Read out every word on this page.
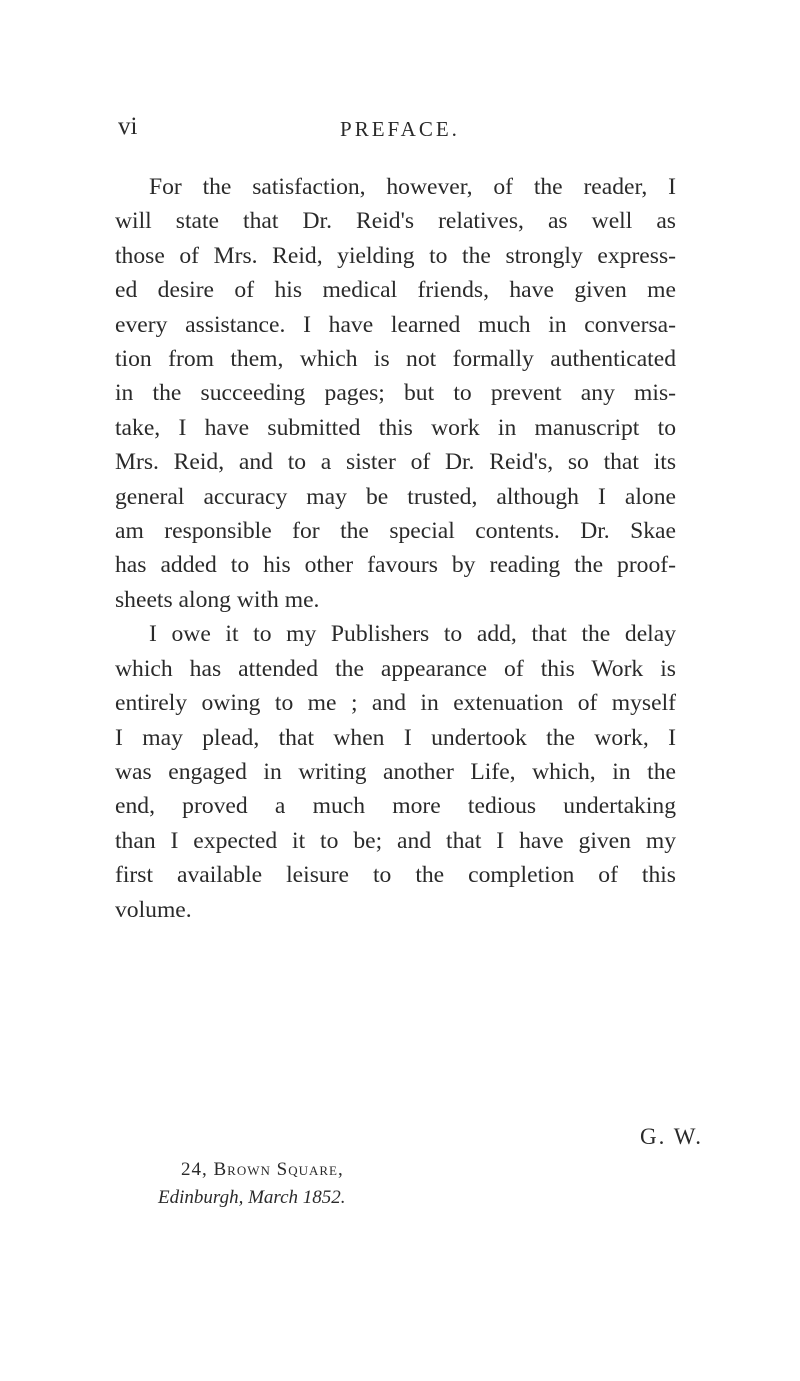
vi	PREFACE.
For the satisfaction, however, of the reader, I
will state that Dr. Reid's relatives, as well as
those of Mrs. Reid, yielding to the strongly express-
ed desire of his medical friends, have given me
every assistance. I have learned much in conversa-
tion from them, which is not formally authenticated
in the succeeding pages; but to prevent any mis-
take, I have submitted this work in manuscript to
Mrs. Reid, and to a sister of Dr. Reid's, so that its
general accuracy may be trusted, although I alone
am responsible for the special contents. Dr. Skae
has added to his other favours by reading the proof-
sheets along with me.
I owe it to my Publishers to add, that the delay
which has attended the appearance of this Work is
entirely owing to me ; and in extenuation of myself
I may plead, that when I undertook the work, I
was engaged in writing another Life, which, in the
end, proved a much more tedious undertaking
than I expected it to be; and that I have given my
first available leisure to the completion of this
volume.
G. W.
24, Brown Square,
Edinburgh, March 1852.
